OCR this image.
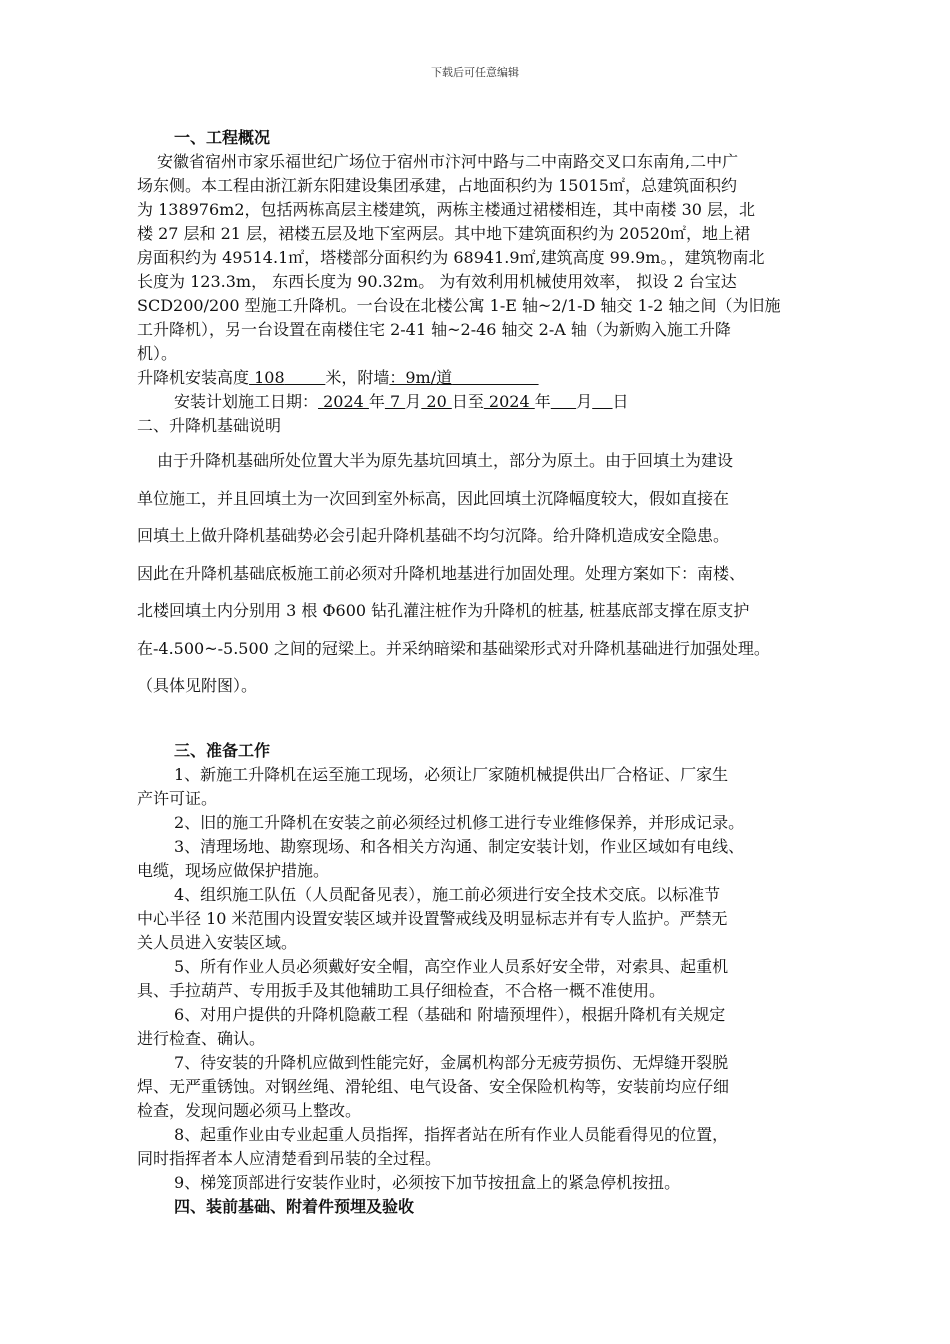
下载后可任意编辑
一、工程概况
安徽省宿州市家乐福世纪广场位于宿州市汴河中路与二中南路交叉口东南角,二中广
场东侧。本工程由浙江新东阳建设集团承建，占地面积约为 15015㎡，总建筑面积约
为 138976m2，包括两栋高层主楼建筑，两栋主楼通过裙楼相连，其中南楼 30 层，北
楼 27 层和 21 层，裙楼五层及地下室两层。其中地下建筑面积约为 20520㎡，地上裙
房面积约为 49514.1㎡，塔楼部分面积约为 68941.9㎡,建筑高度 99.9m。，建筑物南北
长度为 123.3m， 东西长度为 90.32m。 为有效利用机械使用效率， 拟设 2 台宝达
SCD200/200 型施工升降机。一台设在北楼公寓 1-E 轴~2/1-D 轴交 1-2 轴之间（为旧施
工升降机），另一台设置在南楼住宅 2-41 轴~2-46 轴交 2-A 轴（为新购入施工升降
机）。
升降机安装高度 108	米，附墙：9m/道
安装计划施工日期： 2024 年 7 月 20 日至 2024 年 月 日
二、升降机基础说明
由于升降机基础所处位置大半为原先基坑回填土，部分为原土。由于回填土为建设
单位施工，并且回填土为一次回到室外标高，因此回填土沉降幅度较大，假如直接在
回填土上做升降机基础势必会引起升降机基础不均匀沉降。给升降机造成安全隐患。
因此在升降机基础底板施工前必须对升降机地基进行加固处理。处理方案如下：南楼、
北楼回填土内分别用 3 根 Φ600 钻孔灌注桩作为升降机的桩基, 桩基底部支撑在原支护
在-4.500~-5.500 之间的冠梁上。并采纳暗梁和基础梁形式对升降机基础进行加强处理。
（具体见附图）。
三、准备工作
1、新施工升降机在运至施工现场，必须让厂家随机械提供出厂合格证、厂家生
产许可证。
2、旧的施工升降机在安装之前必须经过机修工进行专业维修保养，并形成记录。
3、清理场地、勘察现场、和各相关方沟通、制定安装计划，作业区域如有电线、
电缆，现场应做保护措施。
4、组织施工队伍（人员配备见表），施工前必须进行安全技术交底。以标准节
中心半径 10 米范围内设置安装区域并设置警戒线及明显标志并有专人监护。严禁无
关人员进入安装区域。
5、所有作业人员必须戴好安全帽，高空作业人员系好安全带，对索具、起重机
具、手拉葫芦、专用扳手及其他辅助工具仔细检查，不合格一概不准使用。
6、对用户提供的升降机隐蔽工程（基础和 附墙预埋件），根据升降机有关规定
进行检查、确认。
7、待安装的升降机应做到性能完好，金属机构部分无疲劳损伤、无焊缝开裂脱
焊、无严重锈蚀。对钢丝绳、滑轮组、电气设备、安全保险机构等，安装前均应仔细
检查，发现问题必须马上整改。
8、起重作业由专业起重人员指挥，指挥者站在所有作业人员能看得见的位置，
同时指挥者本人应清楚看到吊装的全过程。
9、梯笼顶部进行安装作业时，必须按下加节按扭盒上的紧急停机按扭。
四、装前基础、附着件预埋及验收
